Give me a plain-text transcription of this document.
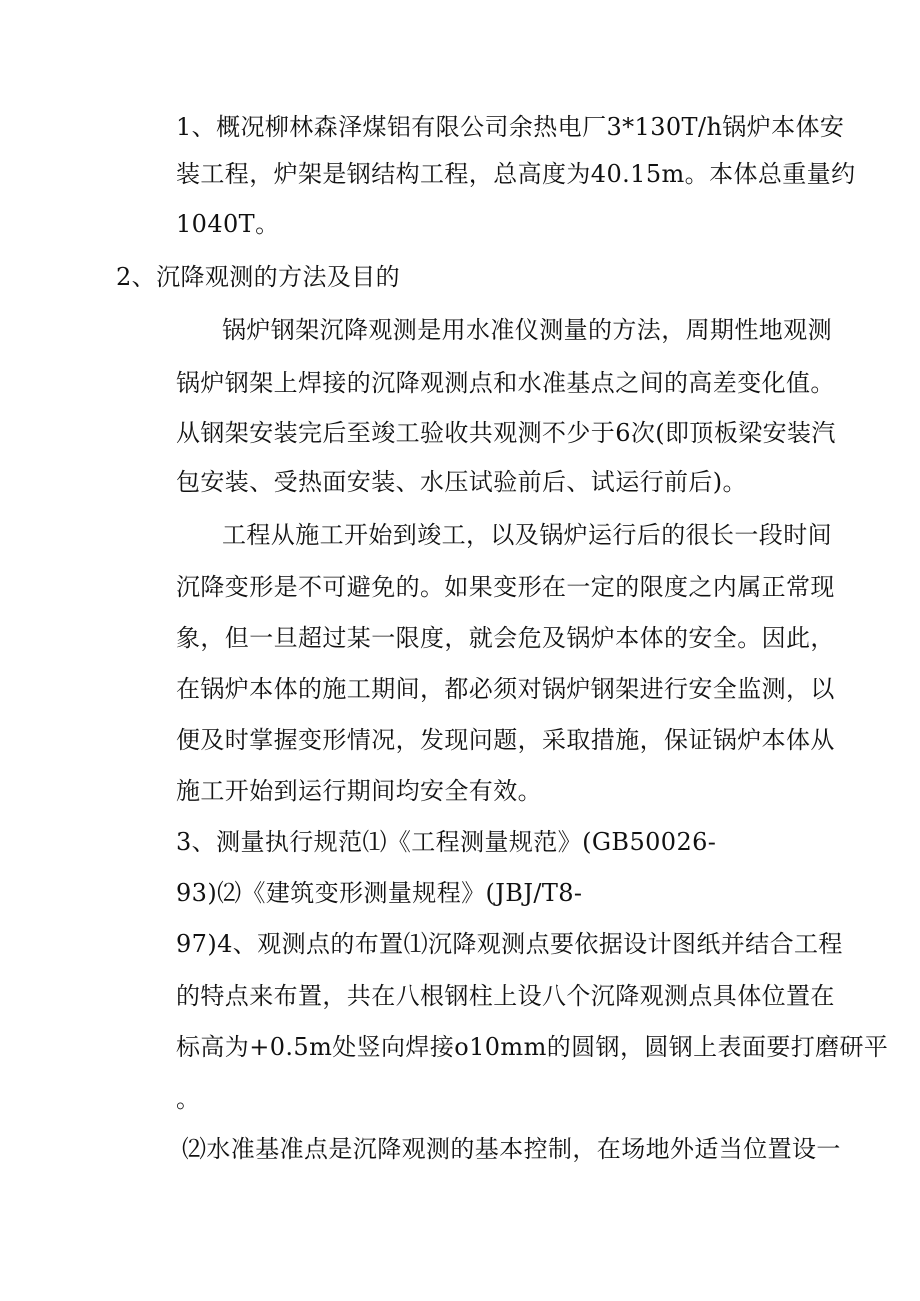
1、概况柳林森泽煤铝有限公司余热电厂3*130T/h锅炉本体安
装工程，炉架是钢结构工程，总高度为40.15m。本体总重量约
1040T。
2、沉降观测的方法及目的
锅炉钢架沉降观测是用水准仪测量的方法，周期性地观测
锅炉钢架上焊接的沉降观测点和水准基点之间的高差变化值。
从钢架安装完后至竣工验收共观测不少于6次(即顶板梁安装汽
包安装、受热面安装、水压试验前后、试运行前后)。
工程从施工开始到竣工，以及锅炉运行后的很长一段时间
沉降变形是不可避免的。如果变形在一定的限度之内属正常现
象，但一旦超过某一限度，就会危及锅炉本体的安全。因此，
在锅炉本体的施工期间，都必须对锅炉钢架进行安全监测，以
便及时掌握变形情况，发现问题，采取措施，保证锅炉本体从
施工开始到运行期间均安全有效。
3、测量执行规范⑴《工程测量规范》(GB50026-
93)⑵《建筑变形测量规程》(JBJ/T8-
97)4、观测点的布置⑴沉降观测点要依据设计图纸并结合工程
的特点来布置，共在八根钢柱上设八个沉降观测点具体位置在
标高为+0.5m处竖向焊接o10mm的圆钢，圆钢上表面要打磨研平
。
⑵水准基准点是沉降观测的基本控制，在场地外适当位置设一
